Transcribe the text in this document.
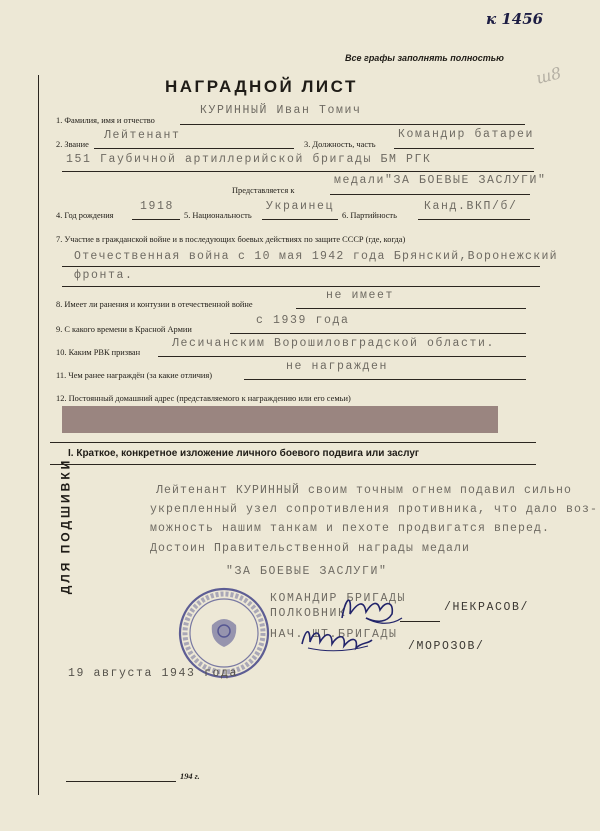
ДЛЯ ПОДШИВКИ
к 1456
Все графы заполнять полностью
ш8
НАГРАДНОЙ ЛИСТ
1. Фамилия, имя и отчество
КУРИННЫЙ Иван Томич
2. Звание
Лейтенант
3. Должность, часть
Командир батареи
151 Гаубичной артиллерийской бригады БМ РГК
Представляется к
медали"ЗА БОЕВЫЕ ЗАСЛУГИ"
4. Год рождения
1918
5. Национальность
Украинец
6. Партийность
Канд.ВКП/б/
7. Участие в гражданской войне и в последующих боевых действиях по защите СССР (где, когда)
Отечественная война с 10 мая 1942 года Брянский,Воронежский
фронта.
8. Имеет ли ранения и контузии в отечественной войне
не имеет
9. С какого времени в Красной Армии
с 1939 года
10. Каким РВК призван
Лесичанским Ворошиловградской области.
11. Чем ранее награждён (за какие отличия)
не награжден
12. Постоянный домашний адрес (представляемого к награждению или его семьи)
I. Краткое, конкретное изложение личного боевого подвига или заслуг
Лейтенант КУРИННЫЙ своим точным огнем подавил сильно
укрепленный узел сопротивления противника, что дало воз-
можность нашим танкам и пехоте продвигатся вперед.
Достоин Правительственной награды медали
"ЗА БОЕВЫЕ ЗАСЛУГИ"
КОМАНДИР БРИГАДЫ
ПОЛКОВНИК	/НЕКРАСОВ/
НАЧ. ШТ.БРИГАДЫ
/МОРОЗОВ/
19 августа 1943 года
194 г.
